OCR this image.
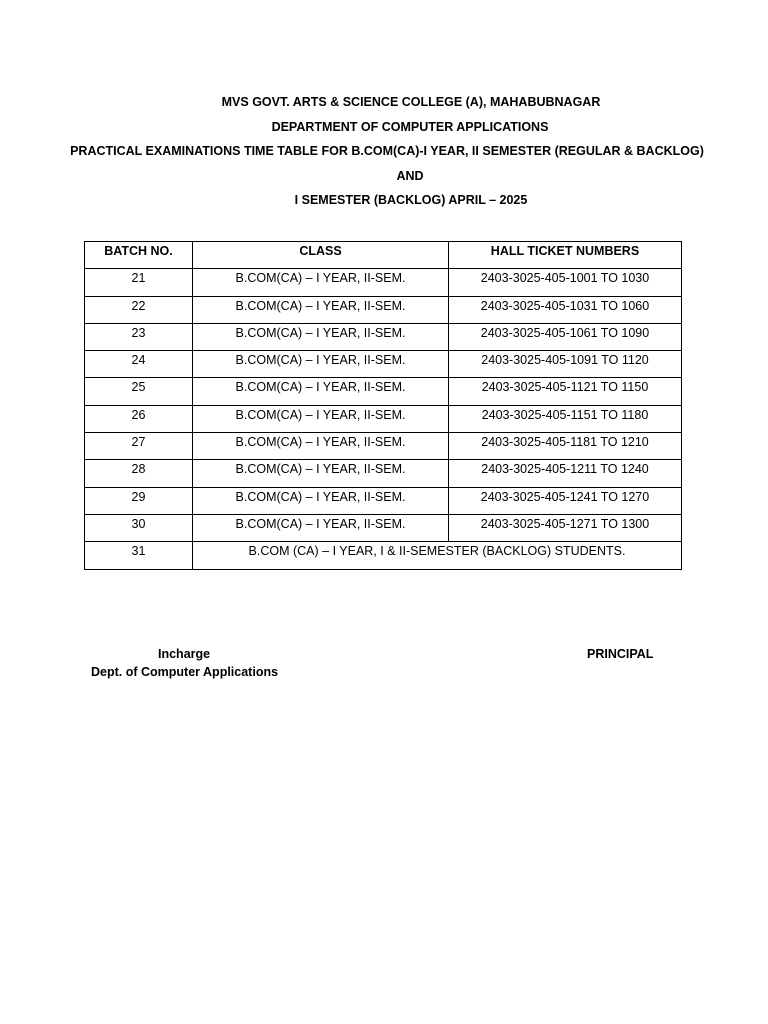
MVS GOVT. ARTS & SCIENCE COLLEGE (A), MAHABUBNAGAR
DEPARTMENT OF COMPUTER APPLICATIONS
PRACTICAL EXAMINATIONS TIME TABLE FOR B.COM(CA)-I YEAR, II SEMESTER (REGULAR & BACKLOG)
AND
I SEMESTER (BACKLOG) APRIL – 2025
BATCH NO.	CLASS	HALL TICKET NUMBERS
21	B.COM(CA) – I YEAR, II-SEM.	2403-3025-405-1001 TO 1030
22	B.COM(CA) – I YEAR, II-SEM.	2403-3025-405-1031 TO 1060
23	B.COM(CA) – I YEAR, II-SEM.	2403-3025-405-1061 TO 1090
24	B.COM(CA) – I YEAR, II-SEM.	2403-3025-405-1091 TO 1120
25	B.COM(CA) – I YEAR, II-SEM.	2403-3025-405-1121 TO 1150
26	B.COM(CA) – I YEAR, II-SEM.	2403-3025-405-1151 TO 1180
27	B.COM(CA) – I YEAR, II-SEM.	2403-3025-405-1181 TO 1210
28	B.COM(CA) – I YEAR, II-SEM.	2403-3025-405-1211 TO 1240
29	B.COM(CA) – I YEAR, II-SEM.	2403-3025-405-1241 TO 1270
30	B.COM(CA) – I YEAR, II-SEM.	2403-3025-405-1271 TO 1300
31	B.COM (CA) – I YEAR, I & II-SEMESTER (BACKLOG) STUDENTS.	
Incharge
Dept. of Computer Applications
PRINCIPAL
